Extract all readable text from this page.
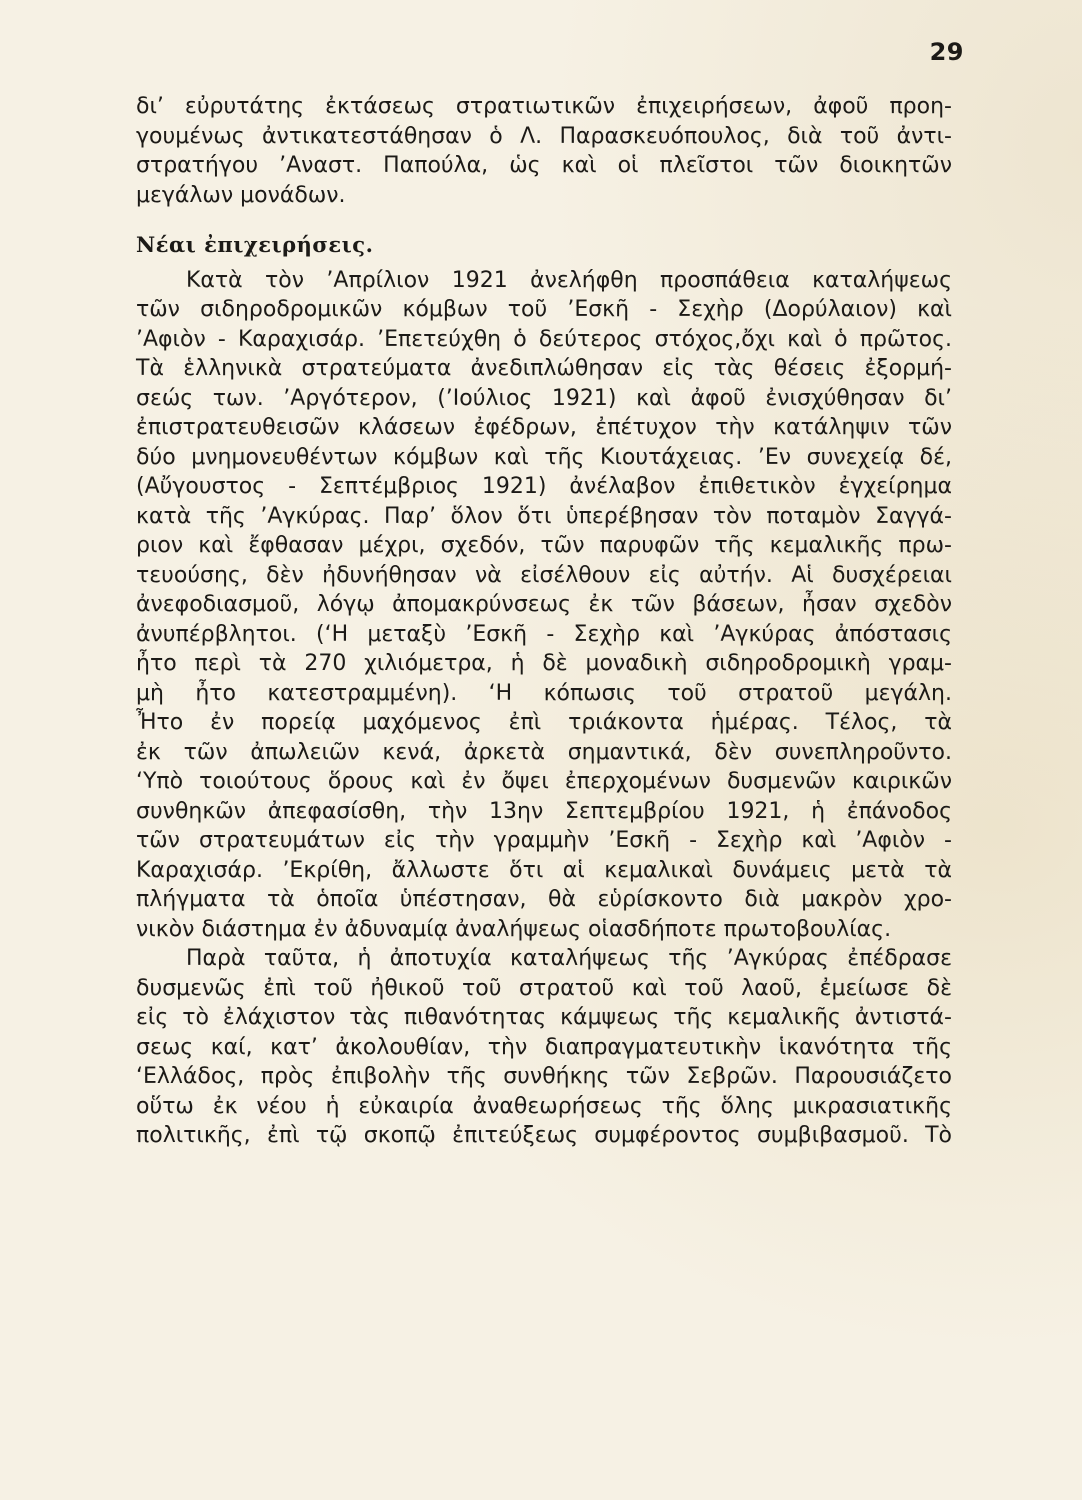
29
δι’ εὐρυτάτης ἐκτάσεως στρατιωτικῶν ἐπιχειρήσεων, ἀφοῦ προη-
γουμένως ἀντικατεστάθησαν ὁ Λ. Παρασκευόπουλος, διὰ τοῦ ἀντι-
στρατήγου ’Αναστ. Παπούλα, ὡς καὶ οἱ πλεῖστοι τῶν διοικητῶν
μεγάλων μονάδων.
Νέαι ἐπιχειρήσεις.
Κατὰ τὸν ’Απρίλιον 1921 ἀνελήφθη προσπάθεια καταλήψεως
τῶν σιδηροδρομικῶν κόμβων τοῦ ’Εσκῆ - Σεχὴρ (Δορύλαιον) καὶ
’Αφιὸν - Καραχισάρ. ’Επετεύχθη ὁ δεύτερος στόχος,ὄχι καὶ ὁ πρῶτος.
Τὰ ἑλληνικὰ στρατεύματα ἀνεδιπλώθησαν εἰς τὰς θέσεις ἐξορμή-
σεώς των. ’Αργότερον, (’Ιούλιος 1921) καὶ ἀφοῦ ἐνισχύθησαν δι’
ἐπιστρατευθεισῶν κλάσεων ἐφέδρων, ἐπέτυχον τὴν κατάληψιν τῶν
δύο μνημονευθέντων κόμβων καὶ τῆς Κιουτάχειας. ’Εν συνεχείᾳ δέ,
(Αὔγουστος - Σεπτέμβριος 1921) ἀνέλαβον ἐπιθετικὸν ἐγχείρημα
κατὰ τῆς ’Αγκύρας. Παρ’ ὅλον ὅτι ὑπερέβησαν τὸν ποταμὸν Σαγγά-
ριον καὶ ἔφθασαν μέχρι, σχεδόν, τῶν παρυφῶν τῆς κεμαλικῆς πρω-
τευούσης, δὲν ἠδυνήθησαν νὰ εἰσέλθουν εἰς αὐτήν. Αἱ δυσχέρειαι
ἀνεφοδιασμοῦ, λόγῳ ἀπομακρύνσεως ἐκ τῶν βάσεων, ἦσαν σχεδὸν
ἀνυπέρβλητοι. (‘Η μεταξὺ ’Εσκῆ - Σεχὴρ καὶ ’Αγκύρας ἀπόστασις
ἦτο περὶ τὰ 270 χιλιόμετρα, ἡ δὲ μοναδικὴ σιδηροδρομικὴ γραμ-
μὴ ἦτο κατεστραμμένη). ‘Η κόπωσις τοῦ στρατοῦ μεγάλη.
Ἦτο ἐν πορείᾳ μαχόμενος ἐπὶ τριάκοντα ἡμέρας. Τέλος, τὰ
ἐκ τῶν ἀπωλειῶν κενά, ἀρκετὰ σημαντικά, δὲν συνεπληροῦντο.
‘Υπὸ τοιούτους ὅρους καὶ ἐν ὄψει ἐπερχομένων δυσμενῶν καιρικῶν
συνθηκῶν ἀπεφασίσθη, τὴν 13ην Σεπτεμβρίου 1921, ἡ ἐπάνοδος
τῶν στρατευμάτων εἰς τὴν γραμμὴν ’Εσκῆ - Σεχὴρ καὶ ’Αφιὸν -
Καραχισάρ. ’Εκρίθη, ἄλλωστε ὅτι αἱ κεμαλικαὶ δυνάμεις μετὰ τὰ
πλήγματα τὰ ὁποῖα ὑπέστησαν, θὰ εὑρίσκοντο διὰ μακρὸν χρο-
νικὸν διάστημα ἐν ἀδυναμίᾳ ἀναλήψεως οἱασδήποτε πρωτοβουλίας.
Παρὰ ταῦτα, ἡ ἀποτυχία καταλήψεως τῆς ’Αγκύρας ἐπέδρασε
δυσμενῶς ἐπὶ τοῦ ἠθικοῦ τοῦ στρατοῦ καὶ τοῦ λαοῦ, ἐμείωσε δὲ
εἰς τὸ ἐλάχιστον τὰς πιθανότητας κάμψεως τῆς κεμαλικῆς ἀντιστά-
σεως καί, κατ’ ἀκολουθίαν, τὴν διαπραγματευτικὴν ἱκανότητα τῆς
‘Ελλάδος, πρὸς ἐπιβολὴν τῆς συνθήκης τῶν Σεβρῶν. Παρουσιάζετο
οὕτω ἐκ νέου ἡ εὐκαιρία ἀναθεωρήσεως τῆς ὅλης μικρασιατικῆς
πολιτικῆς, ἐπὶ τῷ σκοπῷ ἐπιτεύξεως συμφέροντος συμβιβασμοῦ. Τὸ
